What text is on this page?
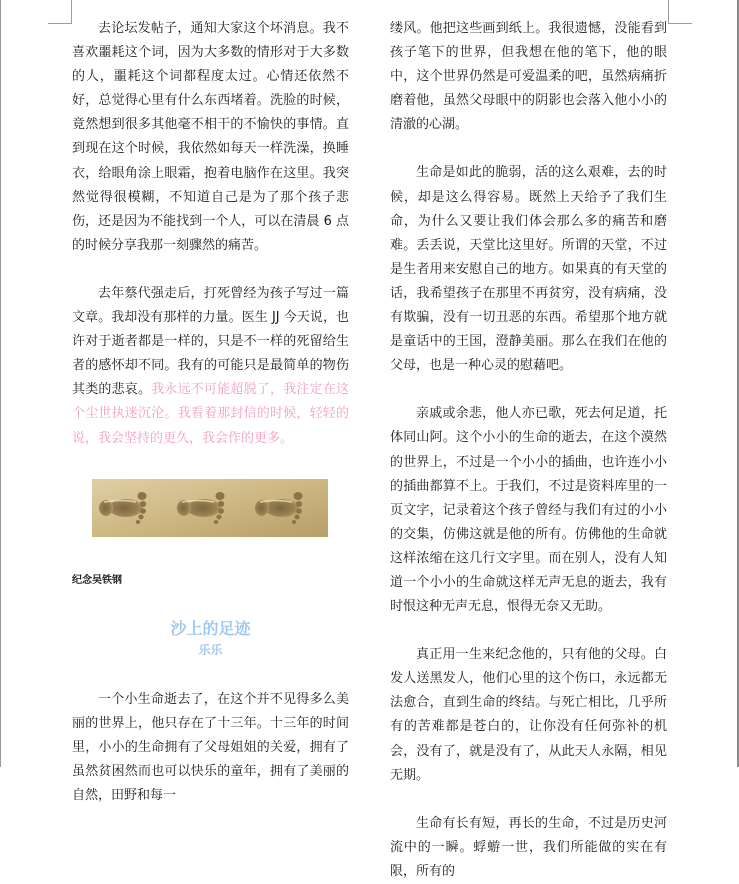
去论坛发帖子，通知大家这个坏消息。我不喜欢噩耗这个词，因为大多数的情形对于大多数的人，噩耗这个词都程度太过。心情还依然不好，总觉得心里有什么东西堵着。洗脸的时候，竟然想到很多其他毫不相干的不愉快的事情。直到现在这个时候，我依然如每天一样洗澡，换睡衣，给眼角涂上眼霜，抱着电脑作在这里。我突然觉得很模糊，不知道自己是为了那个孩子悲伤，还是因为不能找到一个人，可以在清晨 6 点的时候分享我那一刻骤然的痛苦。

去年蔡代强走后，打死曾经为孩子写过一篇文章。我却没有那样的力量。医生 JJ 今天说，也许对于逝者都是一样的，只是不一样的死留给生者的感怀却不同。我有的可能只是最简单的物伤其类的悲哀。我永远不可能超脱了，我注定在这个尘世执迷沉沦。我看着那封信的时候，轻轻的说，我会坚持的更久，我会作的更多。

纪念吴铁钢
沙上的足迹
乐乐

一个小生命逝去了，在这个并不见得多么美丽的世界上，他只存在了十三年。十三年的时间里，小小的生命拥有了父母姐姐的关爱，拥有了虽然贫困然而也可以快乐的童年，拥有了美丽的自然，田野和每一

缕风。他把这些画到纸上。我很遗憾，没能看到孩子笔下的世界，但我想在他的笔下，他的眼中，这个世界仍然是可爱温柔的吧，虽然病痛折磨着他，虽然父母眼中的阴影也会落入他小小的清澈的心湖。

生命是如此的脆弱，活的这么艰难，去的时候，却是这么得容易。既然上天给予了我们生命，为什么又要让我们体会那么多的痛苦和磨难。丢丢说，天堂比这里好。所谓的天堂，不过是生者用来安慰自己的地方。如果真的有天堂的话，我希望孩子在那里不再贫穷，没有病痛，没有欺骗，没有一切丑恶的东西。希望那个地方就是童话中的王国，澄静美丽。那么在我们在他的父母，也是一种心灵的慰藉吧。

亲戚或余悲，他人亦已歌，死去何足道，托体同山阿。这个小小的生命的逝去，在这个漠然的世界上，不过是一个小小的插曲，也许连小小的插曲都算不上。于我们，不过是资料库里的一页文字，记录着这个孩子曾经与我们有过的小小的交集，仿佛这就是他的所有。仿佛他的生命就这样浓缩在这几行文字里。而在别人，没有人知道一个小小的生命就这样无声无息的逝去，我有时恨这种无声无息，恨得无奈又无助。

真正用一生来纪念他的，只有他的父母。白发人送黑发人，他们心里的这个伤口，永远都无法愈合，直到生命的终结。与死亡相比，几乎所有的苦难都是苍白的，让你没有任何弥补的机会，没有了，就是没有了，从此天人永隔，相见无期。

生命有长有短，再长的生命，不过是历史河流中的一瞬。蜉蝣一世，我们所能做的实在有限，所有的
